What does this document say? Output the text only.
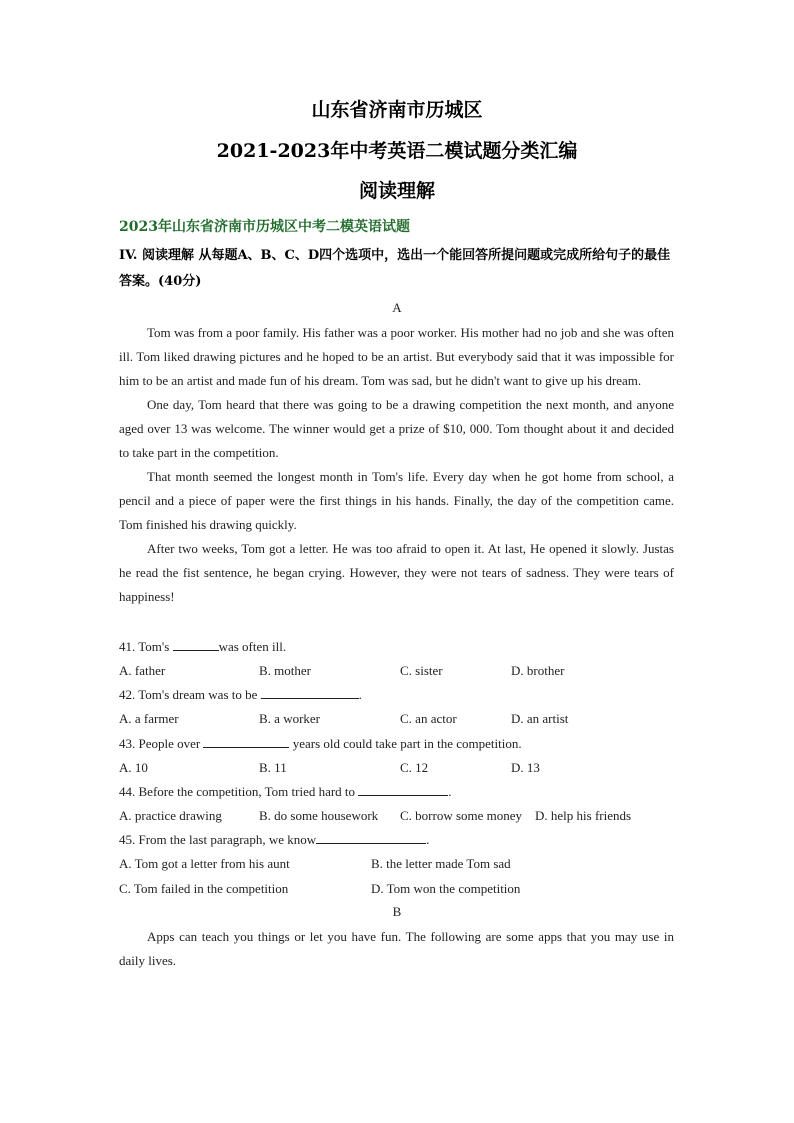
山东省济南市历城区
2021-2023年中考英语二模试题分类汇编
阅读理解
2023年山东省济南市历城区中考二模英语试题
IV. 阅读理解 从每题A、B、C、D四个选项中，选出一个能回答所提问题或完成所给句子的最佳答案。(40分)
A

Tom was from a poor family. His father was a poor worker. His mother had no job and she was often ill. Tom liked drawing pictures and he hoped to be an artist. But everybody said that it was impossible for him to be an artist and made fun of his dream. Tom was sad, but he didn't want to give up his dream.

One day, Tom heard that there was going to be a drawing competition the next month, and anyone aged over 13 was welcome. The winner would get a prize of $10, 000. Tom thought about it and decided to take part in the competition.

That month seemed the longest month in Tom's life. Every day when he got home from school, a pencil and a piece of paper were the first things in his hands. Finally, the day of the competition came. Tom finished his drawing quickly.

After two weeks, Tom got a letter. He was too afraid to open it. At last, He opened it slowly. Justas he read the fist sentence, he began crying. However, they were not tears of sadness. They were tears of happiness!

41. Tom's	was often ill.
A. father	B. mother	C. sister	D. brother
42. Tom's dream was to be	.
A. a farmer	B. a worker	C. an actor	D. an artist
43. People over	years old could take part in the competition.
A. 10	B. 11	C. 12	D. 13
44. Before the competition, Tom tried hard to	.
A. practice drawing	B. do some housework C. borrow some money D. help his friends
45. From the last paragraph, we know	.
A. Tom got a letter from his aunt	B. the letter made Tom sad
C. Tom failed in the competition	D. Tom won the competition
B

Apps can teach you things or let you have fun. The following are some apps that you may use in daily lives.
